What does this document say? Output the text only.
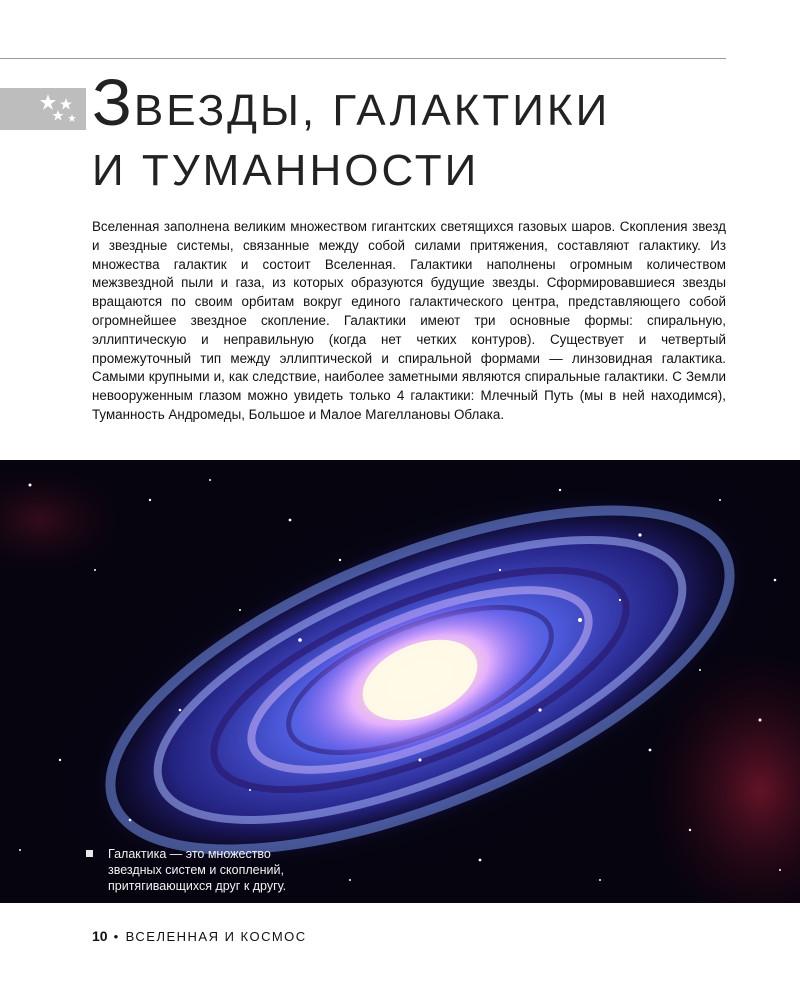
ЗВЕЗДЫ, ГАЛАКТИКИ
И ТУМАННОСТИ
Вселенная заполнена великим множеством гигантских светящихся газовых шаров. Скопления звезд и звездные системы, связанные между собой силами притяжения, составляют галактику. Из множества галактик и состоит Вселенная. Галактики наполнены огромным количеством межзвездной пыли и газа, из которых образуются будущие звезды. Сформировавшиеся звезды вращаются по своим орбитам вокруг единого галактического центра, представляющего собой огромнейшее звездное скопление. Галактики имеют три основные формы: спиральную, эллиптическую и неправильную (когда нет четких контуров). Существует и четвертый промежуточный тип между эллиптической и спиральной формами — линзовидная галактика. Самыми крупными и, как следствие, наиболее заметными являются спиральные галактики. С Земли невооруженным глазом можно увидеть только 4 галактики: Млечный Путь (мы в ней находимся), Туманность Андромеды, Большое и Малое Магеллановы Облака.
Галактика — это множество звездных систем и скоплений, притягивающихся друг к другу.
10 • ВСЕЛЕННАЯ И КОСМОС
